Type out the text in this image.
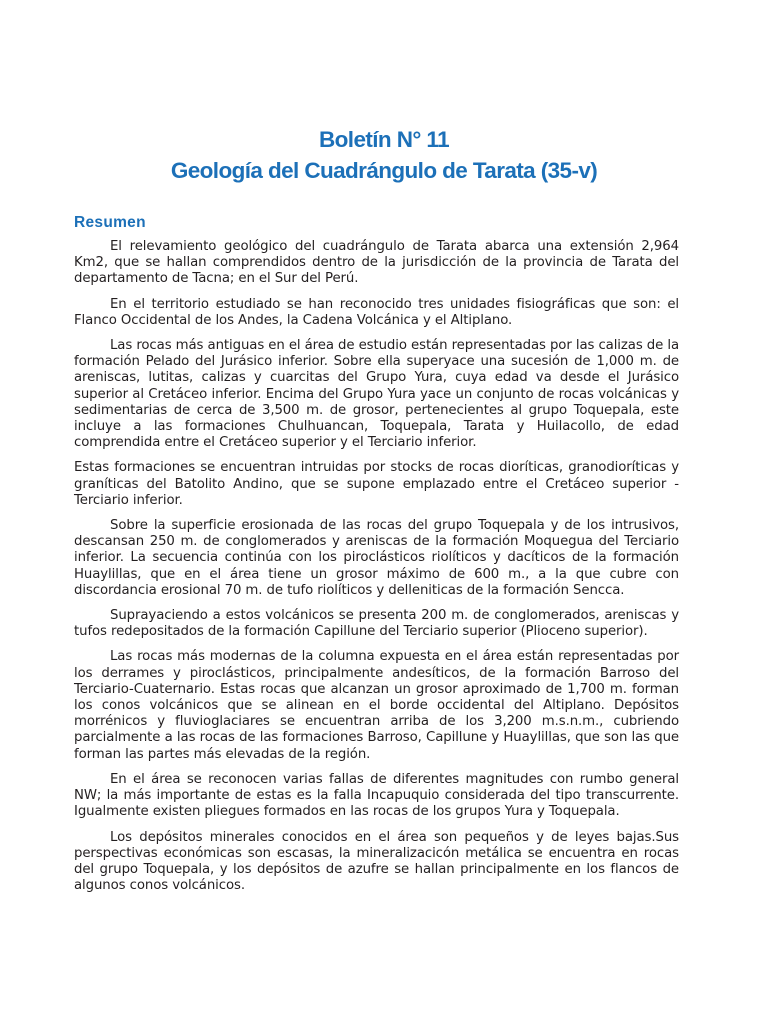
Boletín N° 11
Geología del Cuadrángulo de Tarata (35-v)
Resumen

El relevamiento geológico del cuadrángulo de Tarata abarca una extensión 2,964 Km2, que se hallan comprendidos dentro de la jurisdicción de la provincia de Tarata del departamento de Tacna; en el Sur del Perú.

En el territorio estudiado se han reconocido tres unidades fisiográficas que son: el Flanco Occidental de los Andes, la Cadena Volcánica y el Altiplano.

Las rocas más antiguas en el área de estudio están representadas por las calizas de la formación Pelado del Jurásico inferior. Sobre ella superyace una sucesión de 1,000 m. de areniscas, lutitas, calizas y cuarcitas del Grupo Yura, cuya edad va desde el Jurásico superior al Cretáceo inferior. Encima del Grupo Yura yace un conjunto de rocas volcánicas y sedimentarias de cerca de 3,500 m. de grosor, pertenecientes al grupo Toquepala, este incluye a las formaciones Chulhuancan, Toquepala, Tarata y Huilacollo, de edad comprendida entre el Cretáceo superior y el Terciario inferior.

Estas formaciones se encuentran intruidas por stocks de rocas dioríticas, granodioríticas y graníticas del Batolito Andino, que se supone emplazado entre el Cretáceo superior - Terciario inferior.

Sobre la superficie erosionada de las rocas del grupo Toquepala y de los intrusivos, descansan 250 m. de conglomerados y areniscas de la formación Moquegua del Terciario inferior. La secuencia continúa con los piroclásticos riolíticos y dacíticos de la formación Huaylillas, que en el área tiene un grosor máximo de 600 m., a la que cubre con discordancia erosional 70 m. de tufo riolíticos y delleniticas de la formación Sencca.

Suprayaciendo a estos volcánicos se presenta 200 m. de conglomerados, areniscas y tufos redepositados de la formación Capillune del Terciario superior (Plioceno superior).

Las rocas más modernas de la columna expuesta en el área están representadas por los derrames y piroclásticos, principalmente andesíticos, de la formación Barroso del Terciario-Cuaternario. Estas rocas que alcanzan un grosor aproximado de 1,700 m. forman los conos volcánicos que se alinean en el borde occidental del Altiplano. Depósitos morrénicos y fluvioglaciares se encuentran arriba de los 3,200 m.s.n.m., cubriendo parcialmente a las rocas de las formaciones Barroso, Capillune y Huaylillas, que son las que forman las partes más elevadas de la región.

En el área se reconocen varias fallas de diferentes magnitudes con rumbo general NW; la más importante de estas es la falla Incapuquio considerada del tipo transcurrente. Igualmente existen pliegues formados en las rocas de los grupos Yura y Toquepala.

Los depósitos minerales conocidos en el área son pequeños y de leyes bajas.Sus perspectivas económicas son escasas, la mineralizacicón metálica se encuentra en rocas del grupo Toquepala, y los depósitos de azufre se hallan principalmente en los flancos de algunos conos volcánicos.
